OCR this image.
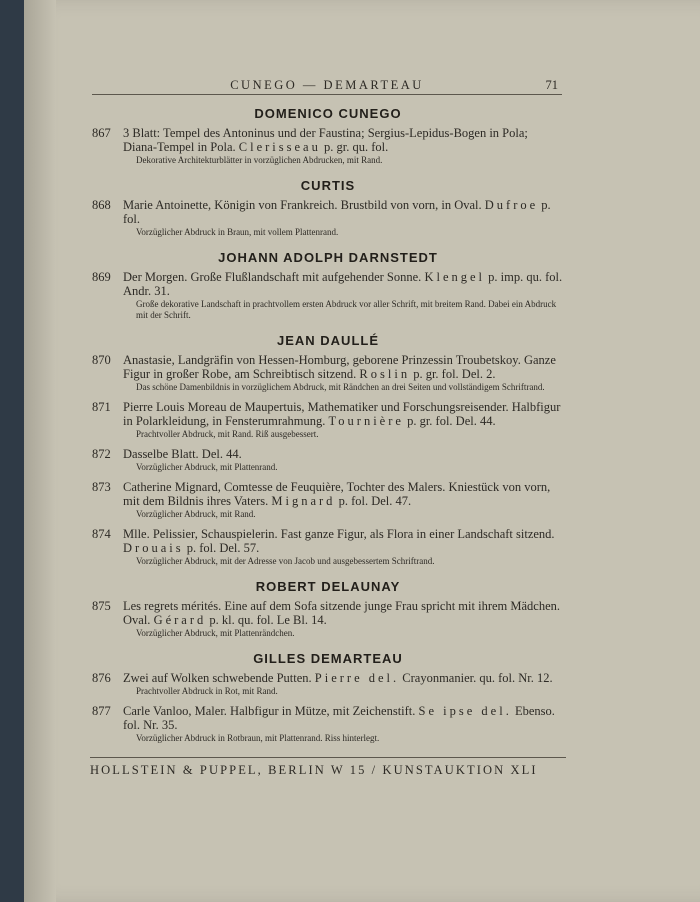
CUNEGO — DEMARTEAU	71
DOMENICO CUNEGO
867 3 Blatt: Tempel des Antoninus und der Faustina; Sergius-Lepidus-Bogen in Pola; Diana-Tempel in Pola. Clerisseau p. gr. qu. fol.
Dekorative Architekturblätter in vorzüglichen Abdrucken, mit Rand.
CURTIS
868 Marie Antoinette, Königin von Frankreich. Brustbild von vorn, in Oval. Dufroe p. fol.
Vorzüglicher Abdruck in Braun, mit vollem Plattenrand.
JOHANN ADOLPH DARNSTEDT
869 Der Morgen. Große Flußlandschaft mit aufgehender Sonne. Klengel p. imp. qu. fol. Andr. 31.
Große dekorative Landschaft in prachtvollem ersten Abdruck vor aller Schrift, mit breitem Rand. Dabei ein Abdruck mit der Schrift.
JEAN DAULLÉ
870 Anastasie, Landgräfin von Hessen-Homburg, geborene Prinzessin Troubetskoy. Ganze Figur in großer Robe, am Schreibtisch sitzend. Roslin p. gr. fol. Del. 2.
Das schöne Damenbildnis in vorzüglichem Abdruck, mit Rändchen an drei Seiten und vollständigem Schriftrand.
871 Pierre Louis Moreau de Maupertuis, Mathematiker und Forschungsreisender. Halbfigur in Polarkleidung, in Fensterumrahmung. Tournière p. gr. fol. Del. 44.
Prachtvoller Abdruck, mit Rand. Riß ausgebessert.
872 Dasselbe Blatt. Del. 44.
Vorzüglicher Abdruck, mit Plattenrand.
873 Catherine Mignard, Comtesse de Feuquière, Tochter des Malers. Kniestück von vorn, mit dem Bildnis ihres Vaters. Mignard p. fol. Del. 47.
Vorzüglicher Abdruck, mit Rand.
874 Mlle. Pelissier, Schauspielerin. Fast ganze Figur, als Flora in einer Landschaft sitzend. Drouais p. fol. Del. 57.
Vorzüglicher Abdruck, mit der Adresse von Jacob und ausgebessertem Schriftrand.
ROBERT DELAUNAY
875 Les regrets mérités. Eine auf dem Sofa sitzende junge Frau spricht mit ihrem Mädchen. Oval. Gérard p. kl. qu. fol. Le Bl. 14.
Vorzüglicher Abdruck, mit Plattenrändchen.
GILLES DEMARTEAU
876 Zwei auf Wolken schwebende Putten. Pierre del. Crayonmanier. qu. fol. Nr. 12.
Prachtvoller Abdruck in Rot, mit Rand.
877 Carle Vanloo, Maler. Halbfigur in Mütze, mit Zeichenstift. Se ipse del. Ebenso. fol. Nr. 35.
Vorzüglicher Abdruck in Rotbraun, mit Plattenrand. Riss hinterlegt.
HOLLSTEIN & PUPPEL, BERLIN W 15 / KUNSTAUKTION XLI
